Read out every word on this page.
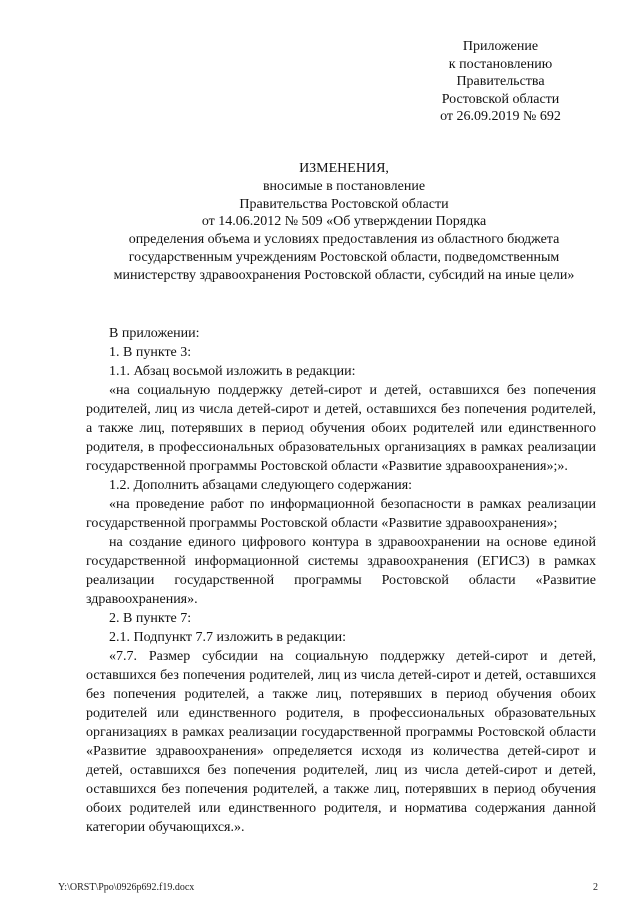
Приложение
к постановлению
Правительства
Ростовской области
от 26.09.2019 № 692
ИЗМЕНЕНИЯ,
вносимые в постановление
Правительства Ростовской области
от 14.06.2012 № 509 «Об утверждении Порядка
определения объема и условиях предоставления из областного бюджета
государственным учреждениям Ростовской области, подведомственным
министерству здравоохранения Ростовской области, субсидий на иные цели»
В приложении:
1. В пункте 3:
1.1. Абзац восьмой изложить в редакции:
«на социальную поддержку детей-сирот и детей, оставшихся без попечения родителей, лиц из числа детей-сирот и детей, оставшихся без попечения родителей, а также лиц, потерявших в период обучения обоих родителей или единственного родителя, в профессиональных образовательных организациях в рамках реализации государственной программы Ростовской области «Развитие здравоохранения»;».
1.2. Дополнить абзацами следующего содержания:
«на проведение работ по информационной безопасности в рамках реализации государственной программы Ростовской области «Развитие здравоохранения»;
на создание единого цифрового контура в здравоохранении на основе единой государственной информационной системы здравоохранения (ЕГИСЗ) в рамках реализации государственной программы Ростовской области «Развитие здравоохранения».
2. В пункте 7:
2.1. Подпункт 7.7 изложить в редакции:
«7.7. Размер субсидии на социальную поддержку детей-сирот и детей, оставшихся без попечения родителей, лиц из числа детей-сирот и детей, оставшихся без попечения родителей, а также лиц, потерявших в период обучения обоих родителей или единственного родителя, в профессиональных образовательных организациях в рамках реализации государственной программы Ростовской области «Развитие здравоохранения» определяется исходя из количества детей-сирот и детей, оставшихся без попечения родителей, лиц из числа детей-сирот и детей, оставшихся без попечения родителей, а также лиц, потерявших в период обучения обоих родителей или единственного родителя, и норматива содержания данной категории обучающихся.».
Y:\ORST\Ppo\0926p692.f19.docx	2
